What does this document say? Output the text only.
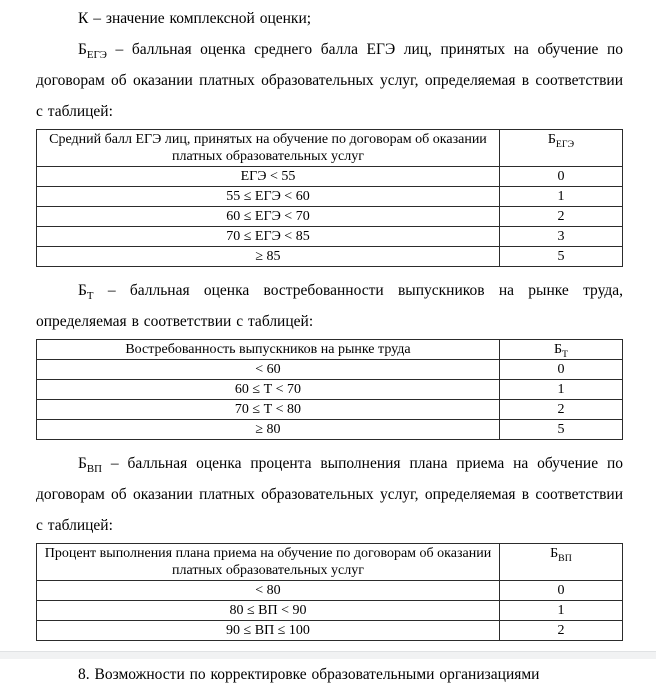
К – значение комплексной оценки;

$Б_{ЕГЭ}$ – балльная оценка среднего балла ЕГЭ лиц, принятых на обучение по договорам об оказании платных образовательных услуг, определяемая в соответствии с таблицей:

Средний балл ЕГЭ лиц, принятых на обучение по договорам об оказании платных образовательных услуг	$Б_{ЕГЭ}$
ЕГЭ < 55	0
55 ≤ ЕГЭ < 60	1
60 ≤ ЕГЭ < 70	2
70 ≤ ЕГЭ < 85	3
≥ 85	5

$Б_Т$ – балльная оценка востребованности выпускников на рынке труда, определяемая в соответствии с таблицей:

Востребованность выпускников на рынке труда	$Б_Т$
< 60	0
60 ≤ Т < 70	1
70 ≤ Т < 80	2
≥ 80	5

$Б_{ВП}$ – балльная оценка процента выполнения плана приема на обучение по договорам об оказании платных образовательных услуг, определяемая в соответствии с таблицей:

Процент выполнения плана приема на обучение по договорам об оказании платных образовательных услуг	$Б_{ВП}$
< 80	0
80 ≤ ВП < 90	1
90 ≤ ВП ≤ 100	2

8. Возможности по корректировке образовательными организациями
